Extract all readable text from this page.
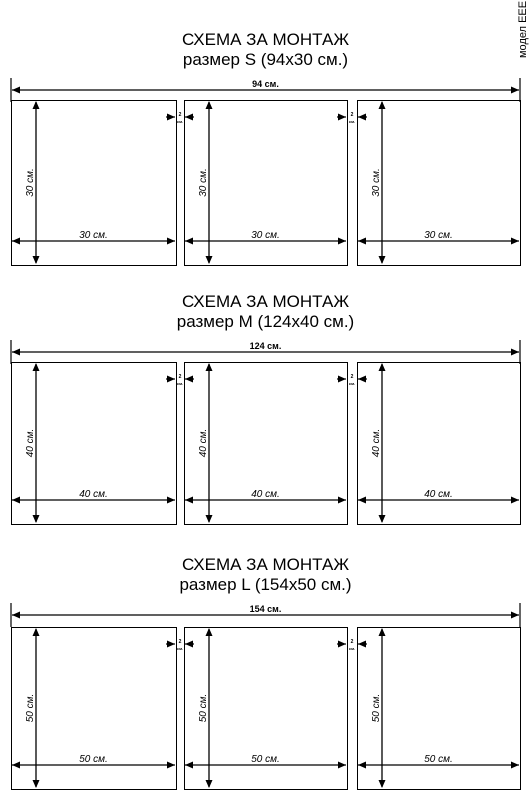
модел EEE
СХЕМА ЗА МОНТАЖ
размер S (94x30 см.)
94 см.
30 см.
30 см.
30 см.
30 см.
30 см.
30 см.
2
см.
2
см.
СХЕМА ЗА МОНТАЖ
размер M (124x40 см.)
124 см.
40 см.
40 см.
40 см.
40 см.
40 см.
40 см.
2
см.
2
см.
СХЕМА ЗА МОНТАЖ
размер L (154x50 см.)
154 см.
50 см.
50 см.
50 см.
50 см.
50 см.
50 см.
2
см.
2
см.
